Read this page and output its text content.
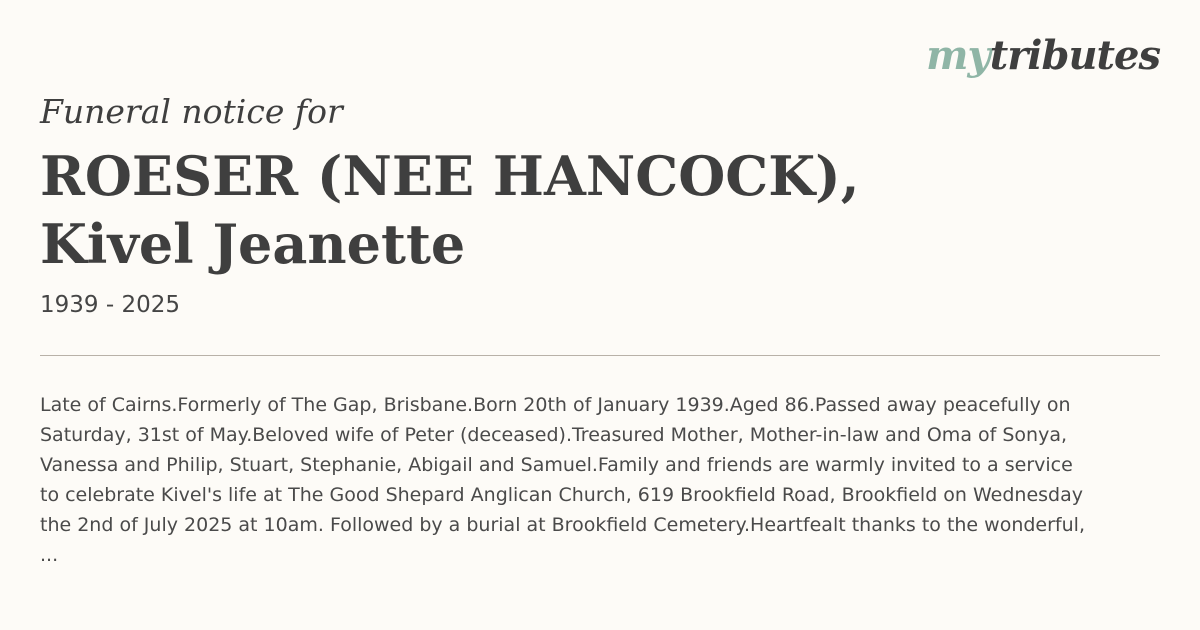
mytributes
Funeral notice for
ROESER (NEE HANCOCK),
Kivel Jeanette
1939 - 2025
Late of Cairns.Formerly of The Gap, Brisbane.Born 20th of January 1939.Aged 86.Passed away peacefully on
Saturday, 31st of May.Beloved wife of Peter (deceased).Treasured Mother, Mother-in-law and Oma of Sonya,
Vanessa and Philip, Stuart, Stephanie, Abigail and Samuel.Family and friends are warmly invited to a service
to celebrate Kivel's life at The Good Shepard Anglican Church, 619 Brookfield Road, Brookfield on Wednesday
the 2nd of July 2025 at 10am. Followed by a burial at Brookfield Cemetery.Heartfealt thanks to the wonderful,
...
